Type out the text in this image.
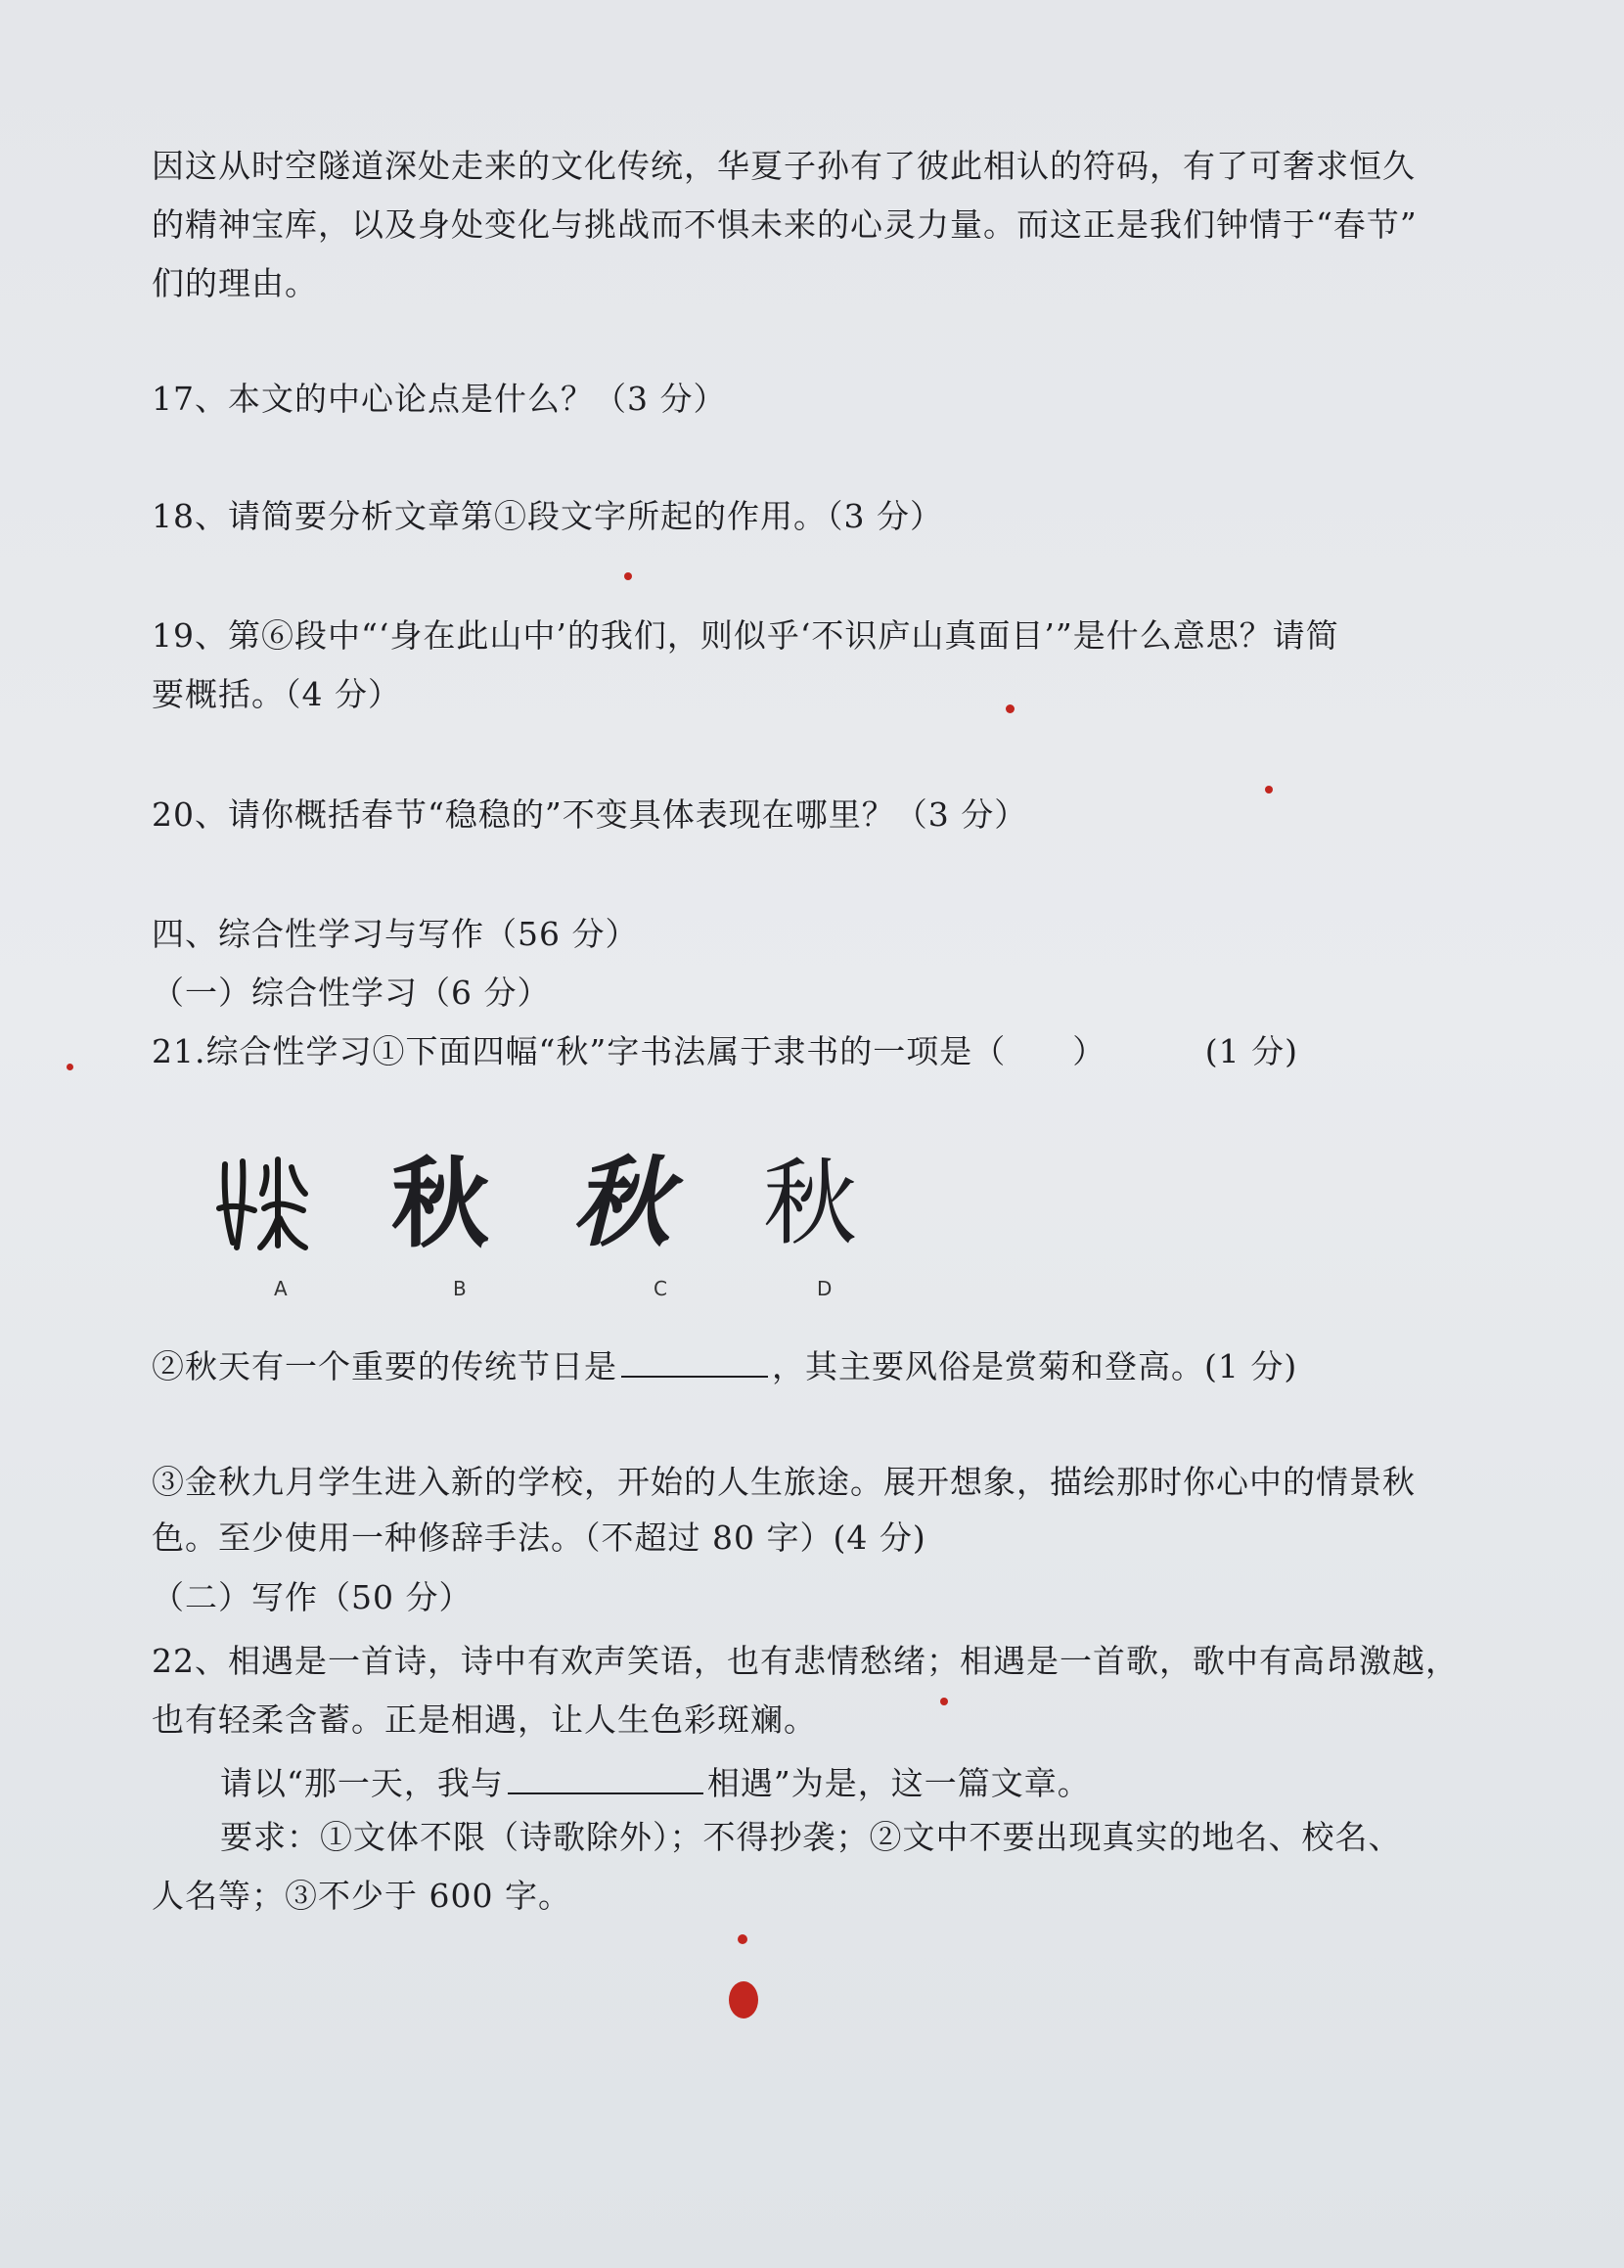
因这从时空隧道深处走来的文化传统，华夏子孙有了彼此相认的符码，有了可奢求恒久
的精神宝库，以及身处变化与挑战而不惧未来的心灵力量。而这正是我们钟情于“春节”
们的理由。
17、本文的中心论点是什么？（3 分）
18、请简要分析文章第①段文字所起的作用。（3 分）
19、第⑥段中“‘身在此山中’的我们，则似乎‘不识庐山真面目’”是什么意思？请简
要概括。（4 分）
20、请你概括春节“稳稳的”不变具体表现在哪里？（3 分）
四、综合性学习与写作（56 分）
（一）综合性学习（6 分）
21.综合性学习①下面四幅“秋”字书法属于隶书的一项是（　　）	(1 分)
秋 秋 秋
A	B	C	D
②秋天有一个重要的传统节日是	，其主要风俗是赏菊和登高。(1 分)
③金秋九月学生进入新的学校，开始的人生旅途。展开想象，描绘那时你心中的情景秋
色。至少使用一种修辞手法。（不超过 80 字）(4 分)
（二）写作（50 分）
22、相遇是一首诗，诗中有欢声笑语，也有悲情愁绪；相遇是一首歌，歌中有高昂激越，
也有轻柔含蓄。正是相遇，让人生色彩斑斓。
请以“那一天，我与	相遇”为是，这一篇文章。
要求：①文体不限（诗歌除外）；不得抄袭；②文中不要出现真实的地名、校名、
人名等；③不少于 600 字。
